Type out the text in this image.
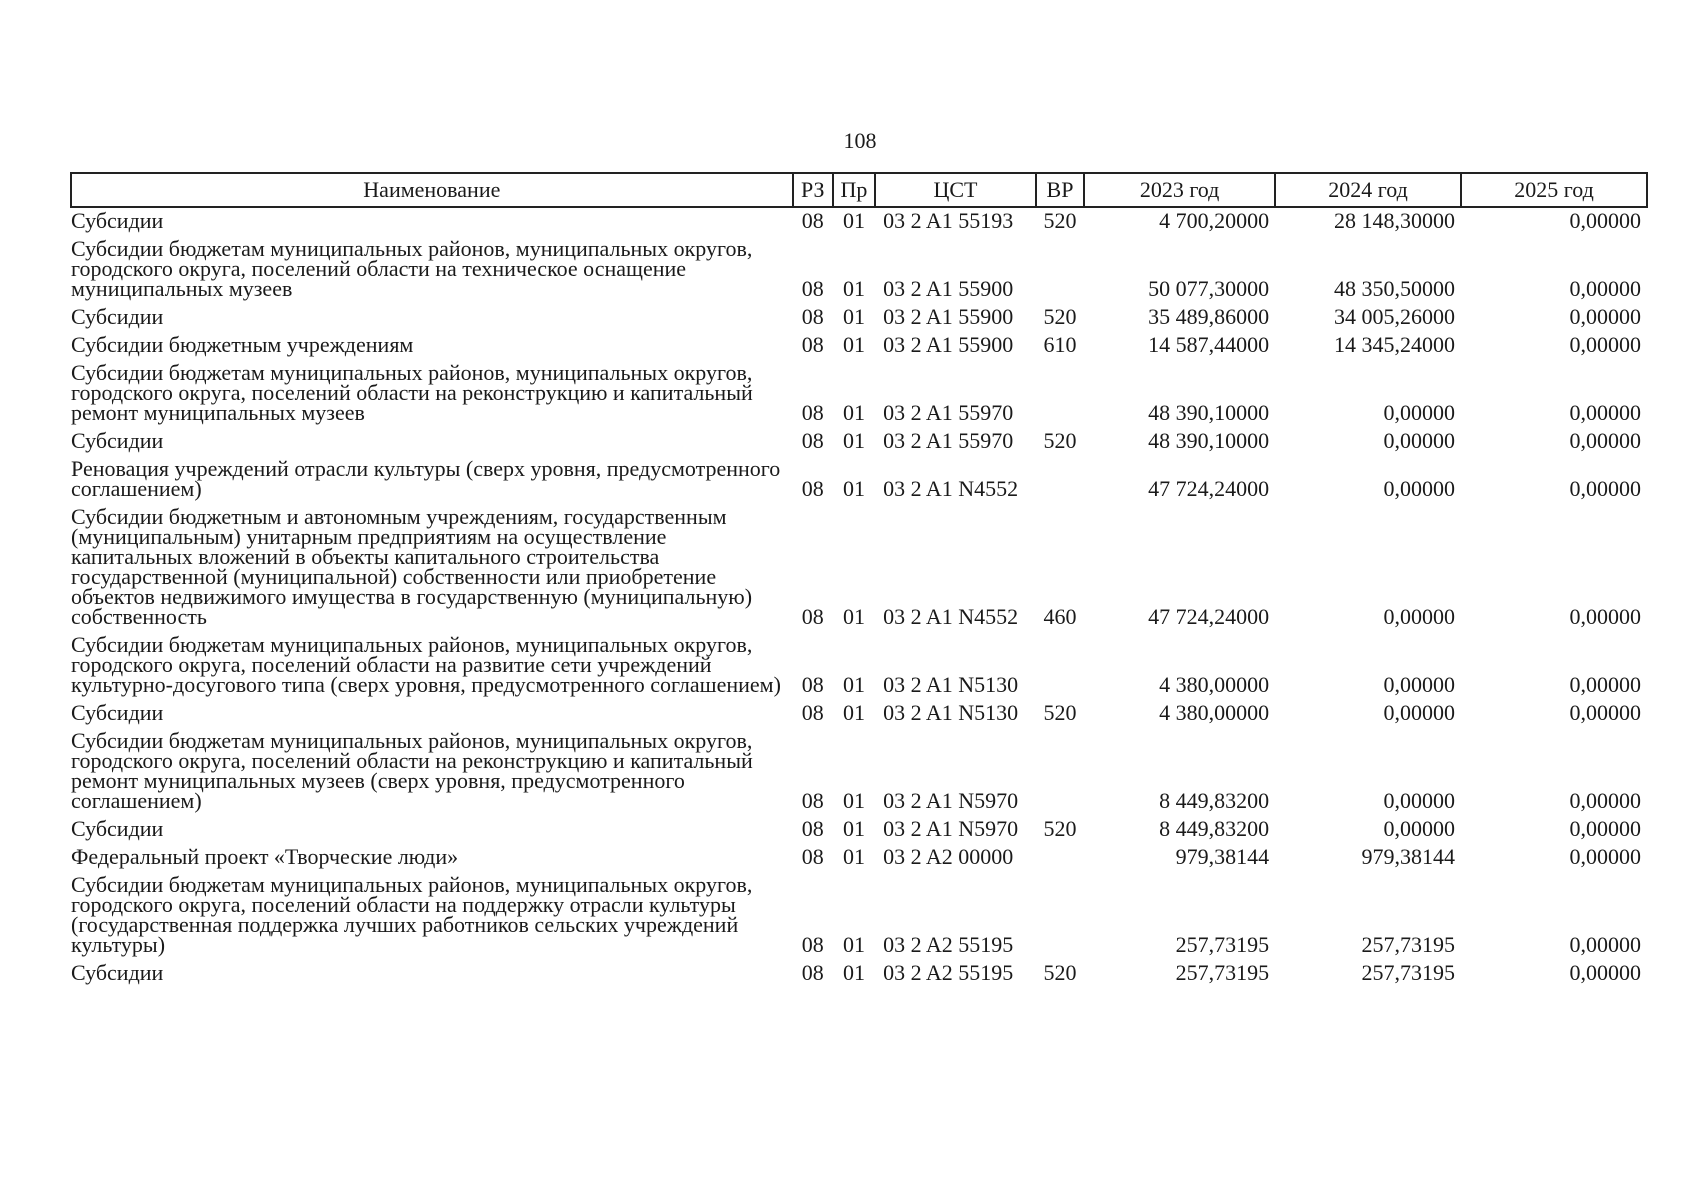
108
Наименование	РЗ	Пр	ЦСТ	ВР	2023 год	2024 год	2025 год
Субсидии	08	01	03 2 A1 55193	520	4 700,20000	28 148,30000	0,00000
Субсидии бюджетам муниципальных районов, муниципальных округов, городского округа, поселений области на техническое оснащение муниципальных музеев	08	01	03 2 A1 55900		50 077,30000	48 350,50000	0,00000
Субсидии	08	01	03 2 A1 55900	520	35 489,86000	34 005,26000	0,00000
Субсидии бюджетным учреждениям	08	01	03 2 A1 55900	610	14 587,44000	14 345,24000	0,00000
Субсидии бюджетам муниципальных районов, муниципальных округов, городского округа, поселений области на реконструкцию и капитальный ремонт муниципальных музеев	08	01	03 2 A1 55970		48 390,10000	0,00000	0,00000
Субсидии	08	01	03 2 A1 55970	520	48 390,10000	0,00000	0,00000
Реновация учреждений отрасли культуры (сверх уровня, предусмотренного соглашением)	08	01	03 2 A1 N4552		47 724,24000	0,00000	0,00000
Субсидии бюджетным и автономным учреждениям, государственным (муниципальным) унитарным предприятиям на осуществление капитальных вложений в объекты капитального строительства государственной (муниципальной) собственности или приобретение объектов недвижимого имущества в государственную (муниципальную) собственность	08	01	03 2 A1 N4552	460	47 724,24000	0,00000	0,00000
Субсидии бюджетам муниципальных районов, муниципальных округов, городского округа, поселений области на развитие сети учреждений культурно-досугового типа (сверх уровня, предусмотренного соглашением)	08	01	03 2 A1 N5130		4 380,00000	0,00000	0,00000
Субсидии	08	01	03 2 A1 N5130	520	4 380,00000	0,00000	0,00000
Субсидии бюджетам муниципальных районов, муниципальных округов, городского округа, поселений области на реконструкцию и капитальный ремонт муниципальных музеев (сверх уровня, предусмотренного соглашением)	08	01	03 2 A1 N5970		8 449,83200	0,00000	0,00000
Субсидии	08	01	03 2 A1 N5970	520	8 449,83200	0,00000	0,00000
Федеральный проект «Творческие люди»	08	01	03 2 A2 00000		979,38144	979,38144	0,00000
Субсидии бюджетам муниципальных районов, муниципальных округов, городского округа, поселений области на поддержку отрасли культуры (государственная поддержка лучших работников сельских учреждений культуры)	08	01	03 2 A2 55195		257,73195	257,73195	0,00000
Субсидии	08	01	03 2 A2 55195	520	257,73195	257,73195	0,00000
